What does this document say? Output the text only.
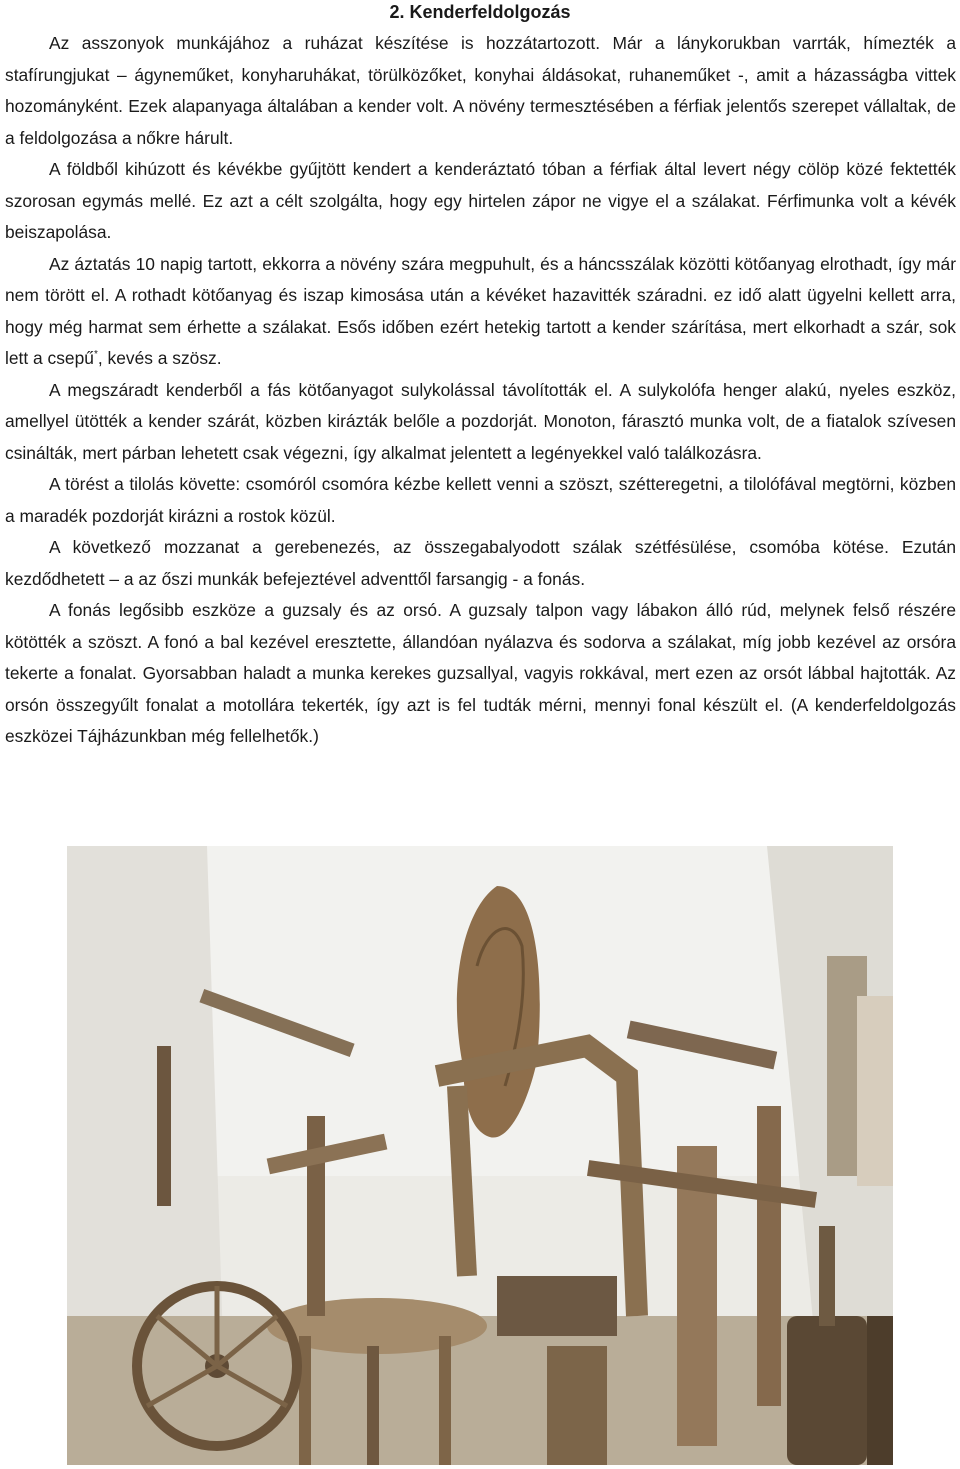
2. Kenderfeldolgozás

Az asszonyok munkájához a ruházat készítése is hozzátartozott. Már a lánykorukban varrták, hímezték a stafírungjukat – ágyneműket, konyharuhákat, törülközőket, konyhai áldásokat, ruhaneműket -, amit a házasságba vittek hozományként. Ezek alapanyaga általában a kender volt. A növény termesztésében a férfiak jelentős szerepet vállaltak, de a feldolgozása a nőkre hárult.

A földből kihúzott és kévékbe gyűjtött kendert a kenderáztató tóban a férfiak által levert négy cölöp közé fektették szorosan egymás mellé. Ez azt a célt szolgálta, hogy egy hirtelen zápor ne vigye el a szálakat. Férfimunka volt a kévék beiszapolása.

Az áztatás 10 napig tartott, ekkorra a növény szára megpuhult, és a háncsszálak közötti kötőanyag elrothadt, így már nem törött el. A rothadt kötőanyag és iszap kimosása után a kévéket hazavitték száradni. ez idő alatt ügyelni kellett arra, hogy még harmat sem érhette a szálakat. Esős időben ezért hetekig tartott a kender szárítása, mert elkorhadt a szár, sok lett a csepű*, kevés a szösz.

A megszáradt kenderből a fás kötőanyagot sulykolással távolították el. A sulykolófa henger alakú, nyeles eszköz, amellyel ütötték a kender szárát, közben kirázták belőle a pozdorját. Monoton, fárasztó munka volt, de a fiatalok szívesen csinálták, mert párban lehetett csak végezni, így alkalmat jelentett a legényekkel való találkozásra.

A törést a tilolás követte: csomóról csomóra kézbe kellett venni a szöszt, szétteregetni, a tilolófával megtörni, közben a maradék pozdorját kirázni a rostok közül.

A következő mozzanat a gerebenezés, az összegabalyodott szálak szétfésülése, csomóba kötése. Ezután kezdődhetett – a az őszi munkák befejeztével adventtől farsangig - a fonás.

A fonás legősibb eszköze a guzsaly és az orsó. A guzsaly talpon vagy lábakon álló rúd, melynek felső részére kötötték a szöszt. A fonó a bal kezével eresztette, állandóan nyálazva és sodorva a szálakat, míg jobb kezével az orsóra tekerte a fonalat. Gyorsabban haladt a munka kerekes guzsallyal, vagyis rokkával, mert ezen az orsót lábbal hajtották. Az orsón összegyűlt fonalat a motollára tekerték, így azt is fel tudták mérni, mennyi fonal készült el. (A kenderfeldolgozás eszközei Tájházunkban még fellelhetők.)
